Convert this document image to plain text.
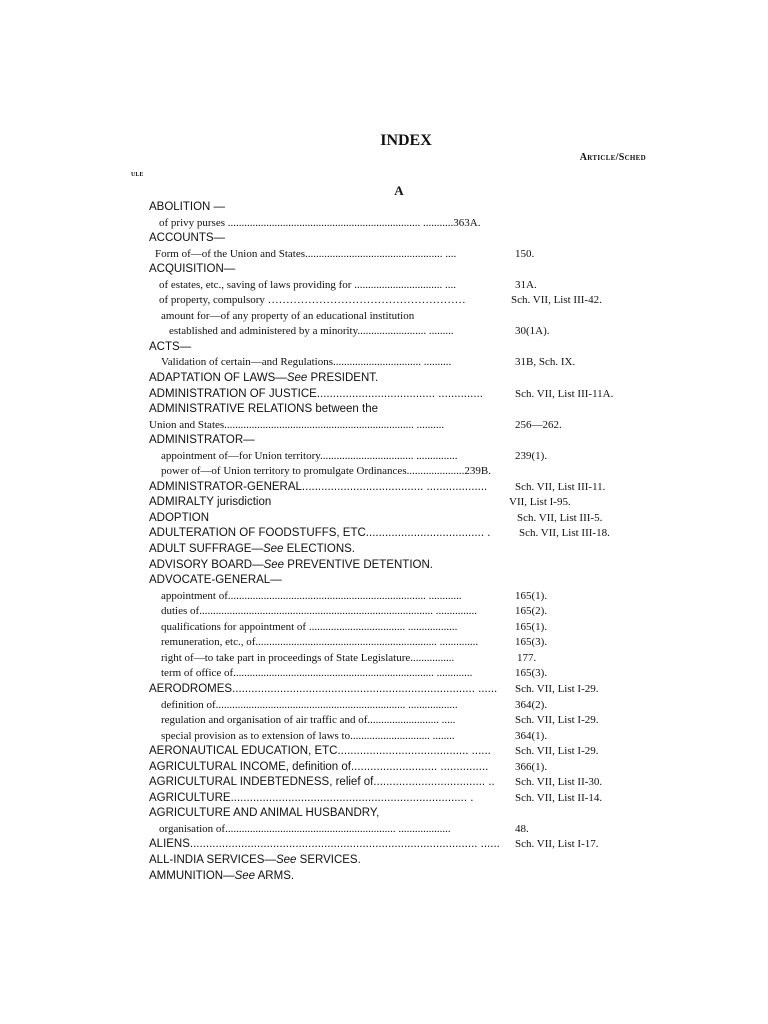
INDEX
Article/Sched
ule
A
ABOLITION —
of privy purses ...................................................................... ...........363A.
ACCOUNTS—
Form of—of the Union and States.................................................. ....	150.
ACQUISITION—
of estates, etc., saving of laws providing for ................................ ....	31A.
of property, compulsory ………………………………………………	Sch. VII, List III-42.
amount for—of any property of an educational institution
established and administered by a minority......................... .........	30(1A).
ACTS—
Validation of certain—and Regulations................................ ..........	31B, Sch. IX.
ADAPTATION OF LAWS—See PRESIDENT.
ADMINISTRATION OF JUSTICE..................................... ..............	Sch. VII, List III-11A.
ADMINISTRATIVE RELATIONS between the
Union and States..................................................................... ..........	256—262.
ADMINISTRATOR—
appointment of—for Union territory.................................. ...............	239(1).
power of—of Union territory to promulgate Ordinances.....................239B.
ADMINISTRATOR-GENERAL...................................... ...................	Sch. VII, List III-11.
ADMIRALTY jurisdiction	VII, List I-95.
ADOPTION	Sch. VII, List III-5.
ADULTERATION OF FOODSTUFFS, ETC..................................... .	Sch. VII, List III-18.
ADULT SUFFRAGE—See ELECTIONS.
ADVISORY BOARD—See PREVENTIVE DETENTION.
ADVOCATE-GENERAL—
appointment of........................................................................ ............	165(1).
duties of..................................................................................... ...............	165(2).
qualifications for appointment of ................................... ..................	165(1).
remuneration, etc., of.................................................................. ..............	165(3).
right of—to take part in proceedings of State Legislature................	177.
term of office of......................................................................... .............	165(3).
AERODROMES............................................................................ ...... Sch. VII, List I-29.
definition of..................................................................... ..................	364(2).
regulation and organisation of air traffic and of.......................... .....	Sch. VII, List I-29.
special provision as to extension of laws to............................. ........	364(1).
AERONAUTICAL EDUCATION, ETC......................................... ...... Sch. VII, List I-29.
AGRICULTURAL INCOME, definition of........................... ............... 366(1).
AGRICULTURAL INDEBTEDNESS, relief of................................... .. Sch. VII, List II-30.
AGRICULTURE.......................................................................... .	Sch. VII, List II-14.
AGRICULTURE AND ANIMAL HUSBANDRY,
organisation of.............................................................. ...................	48.
ALIENS.......................................................................................... ...... Sch. VII, List I-17.
ALL-INDIA SERVICES—See SERVICES.
AMMUNITION—See ARMS.
